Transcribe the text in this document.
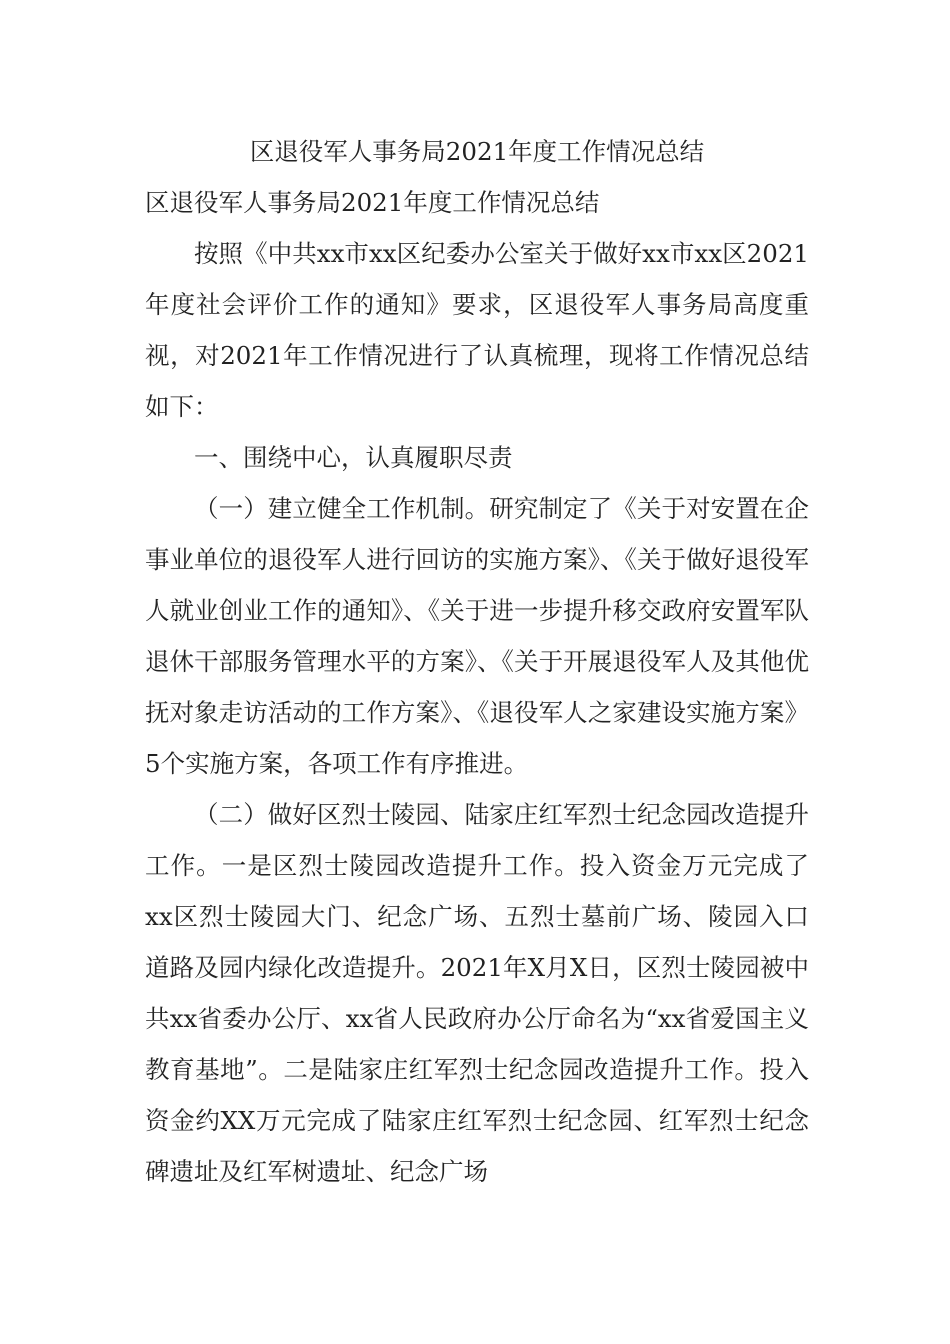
区退役军人事务局2021年度工作情况总结

区退役军人事务局2021年度工作情况总结

按照《中共xx市xx区纪委办公室关于做好xx市xx区2021年度社会评价工作的通知》要求，区退役军人事务局高度重视，对2021年工作情况进行了认真梳理，现将工作情况总结如下：

一、围绕中心，认真履职尽责

（一）建立健全工作机制。研究制定了《关于对安置在企事业单位的退役军人进行回访的实施方案》、《关于做好退役军人就业创业工作的通知》、《关于进一步提升移交政府安置军队退休干部服务管理水平的方案》、《关于开展退役军人及其他优抚对象走访活动的工作方案》、《退役军人之家建设实施方案》5个实施方案，各项工作有序推进。

（二）做好区烈士陵园、陆家庄红军烈士纪念园改造提升工作。一是区烈士陵园改造提升工作。投入资金万元完成了xx区烈士陵园大门、纪念广场、五烈士墓前广场、陵园入口道路及园内绿化改造提升。2021年X月X日，区烈士陵园被中共xx省委办公厅、xx省人民政府办公厅命名为“xx省爱国主义教育基地”。二是陆家庄红军烈士纪念园改造提升工作。投入资金约XX万元完成了陆家庄红军烈士纪念园、红军烈士纪念碑遗址及红军树遗址、纪念广场
